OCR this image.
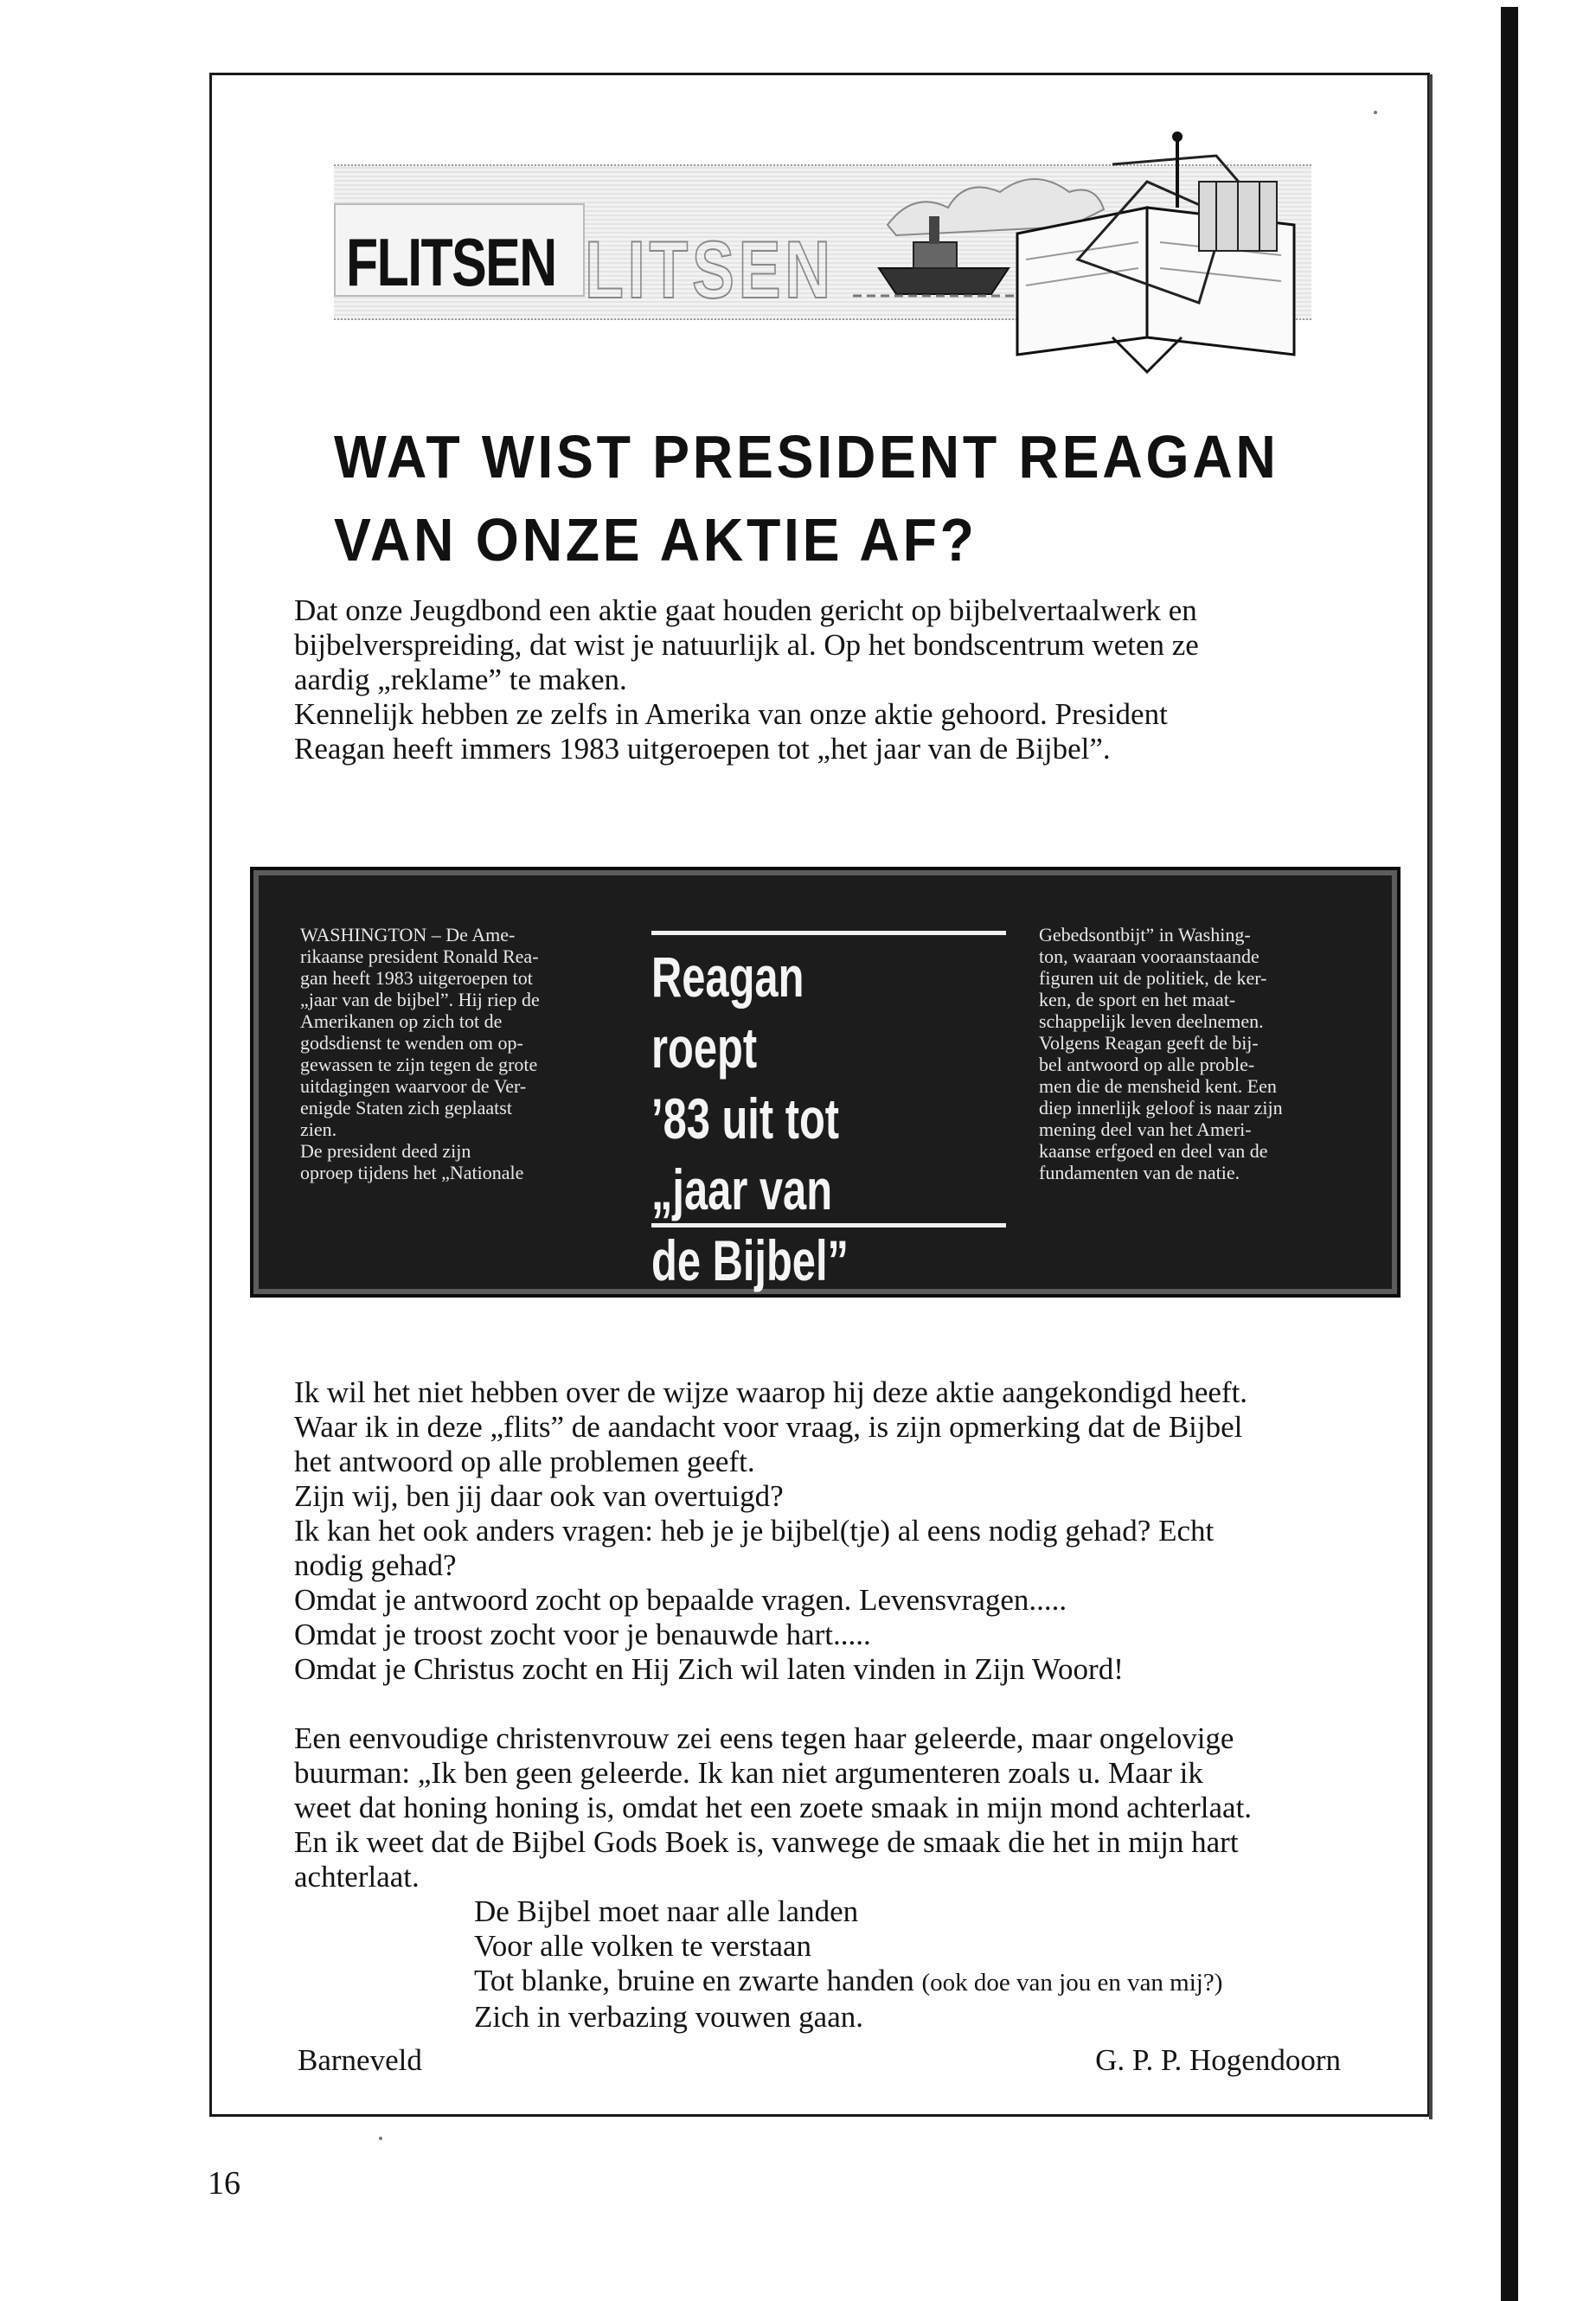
FLITSEN LITSEN
WAT WIST PRESIDENT REAGAN
VAN ONZE AKTIE AF?

Dat onze Jeugdbond een aktie gaat houden gericht op bijbelvertaalwerk en

bijbelverspreiding, dat wist je natuurlijk al. Op het bondscentrum weten ze

aardig „reklame” te maken.

Kennelijk hebben ze zelfs in Amerika van onze aktie gehoord. President

Reagan heeft immers 1983 uitgeroepen tot „het jaar van de Bijbel”.

WASHINGTON – De Ame-

rikaanse president Ronald Rea-

gan heeft 1983 uitgeroepen tot

„jaar van de bijbel”. Hij riep de

Amerikanen op zich tot de

godsdienst te wenden om op-

gewassen te zijn tegen de grote

uitdagingen waarvoor de Ver-

enigde Staten zich geplaatst

zien.

De president deed zijn

oproep tijdens het „Nationale

Reagan roept
’83 uit tot
„jaar van
de Bijbel”

Gebedsontbijt” in Washing-

ton, waaraan vooraanstaande

figuren uit de politiek, de ker-

ken, de sport en het maat-

schappelijk leven deelnemen.

Volgens Reagan geeft de bij-

bel antwoord op alle proble-

men die de mensheid kent. Een

diep innerlijk geloof is naar zijn

mening deel van het Ameri-

kaanse erfgoed en deel van de

fundamenten van de natie.

Ik wil het niet hebben over de wijze waarop hij deze aktie aangekondigd heeft.

Waar ik in deze „flits” de aandacht voor vraag, is zijn opmerking dat de Bijbel

het antwoord op alle problemen geeft.

Zijn wij, ben jij daar ook van overtuigd?

Ik kan het ook anders vragen: heb je je bijbel(tje) al eens nodig gehad? Echt

nodig gehad?

Omdat je antwoord zocht op bepaalde vragen. Levensvragen.....

Omdat je troost zocht voor je benauwde hart.....

Omdat je Christus zocht en Hij Zich wil laten vinden in Zijn Woord!

Een eenvoudige christenvrouw zei eens tegen haar geleerde, maar ongelovige

buurman: „Ik ben geen geleerde. Ik kan niet argumenteren zoals u. Maar ik

weet dat honing honing is, omdat het een zoete smaak in mijn mond achterlaat.

En ik weet dat de Bijbel Gods Boek is, vanwege de smaak die het in mijn hart

achterlaat.

De Bijbel moet naar alle landen

Voor alle volken te verstaan

Tot blanke, bruine en zwarte handen (ook doe van jou en van mij?)

Zich in verbazing vouwen gaan.

Barneveld	G. P. P. Hogendoorn
16
